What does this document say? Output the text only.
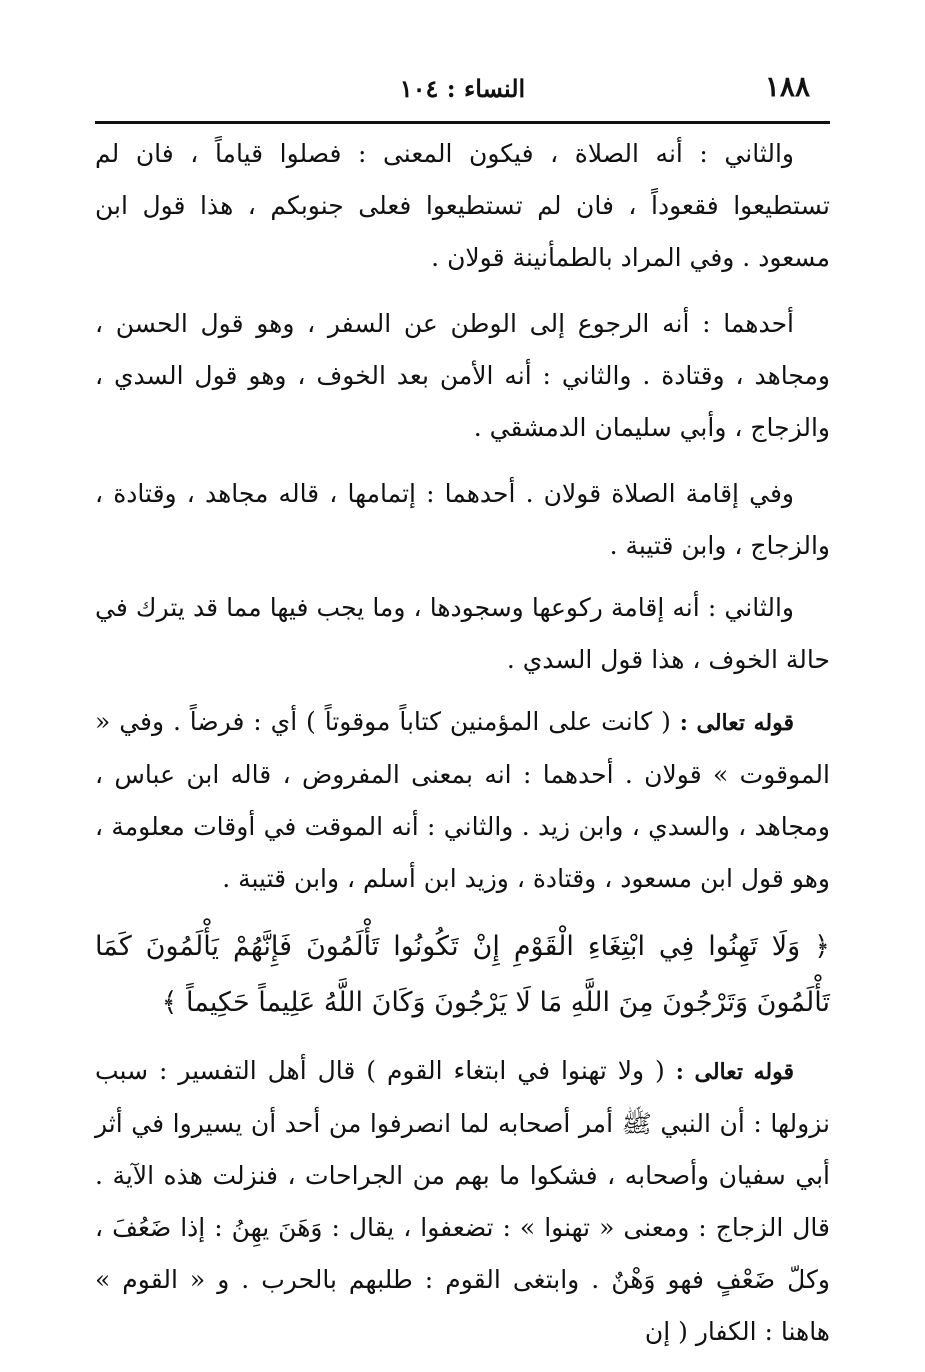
١٨٨
النساء : ١٠٤

والثاني : أنه الصلاة ، فيكون المعنى : فصلوا قياماً ، فان لم تستطيعوا فقعوداً ، فان لم تستطيعوا فعلى جنوبكم ، هذا قول ابن مسعود . وفي المراد بالطمأنينة قولان .

أحدهما : أنه الرجوع إلى الوطن عن السفر ، وهو قول الحسن ، ومجاهد ، وقتادة . والثاني : أنه الأمن بعد الخوف ، وهو قول السدي ، والزجاج ، وأبي سليمان الدمشقي .

وفي إقامة الصلاة قولان . أحدهما : إتمامها ، قاله مجاهد ، وقتادة ، والزجاج ، وابن قتيبة .

والثاني : أنه إقامة ركوعها وسجودها ، وما يجب فيها مما قد يترك في حالة الخوف ، هذا قول السدي .

قوله تعالى : ( كانت على المؤمنين كتاباً موقوتاً ) أي : فرضاً . وفي « الموقوت » قولان . أحدهما : انه بمعنى المفروض ، قاله ابن عباس ، ومجاهد ، والسدي ، وابن زيد . والثاني : أنه الموقت في أوقات معلومة ، وهو قول ابن مسعود ، وقتادة ، وزيد ابن أسلم ، وابن قتيبة .

﴿ وَلَا تَهِنُوا فِي ابْتِغَاءِ الْقَوْمِ إِنْ تَكُونُوا تَأْلَمُونَ فَإِنَّهُمْ يَأْلَمُونَ كَمَا تَأْلَمُونَ وَتَرْجُونَ مِنَ اللَّهِ مَا لَا يَرْجُونَ وَكَانَ اللَّهُ عَلِيماً حَكِيماً ﴾

قوله تعالى : ( ولا تهنوا في ابتغاء القوم ) قال أهل التفسير : سبب نزولها : أن النبي ﷺ أمر أصحابه لما انصرفوا من أحد أن يسيروا في أثر أبي سفيان وأصحابه ، فشكوا ما بهم من الجراحات ، فنزلت هذه الآية . قال الزجاج : ومعنى « تهنوا » : تضعفوا ، يقال : وَهَنَ يهِنُ : إذا ضَعُفَ ، وكلّ ضَعْفٍ فهو وَهْنٌ . وابتغى القوم : طلبهم بالحرب . و « القوم » هاهنا : الكفار ( إن
